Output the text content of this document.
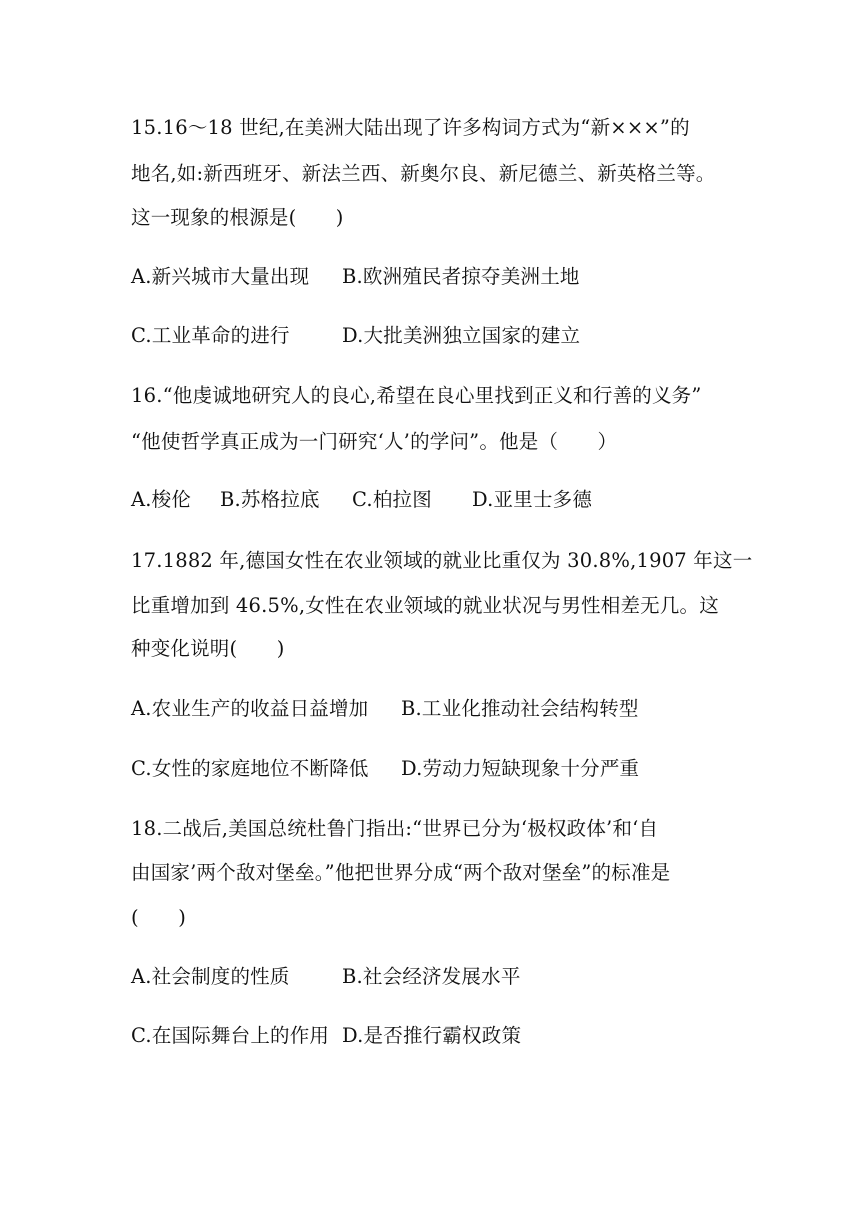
15.16～18 世纪,在美洲大陆出现了许多构词方式为“新×××”的
地名,如:新西班牙、新法兰西、新奥尔良、新尼德兰、新英格兰等。
这一现象的根源是(　　)
A.新兴城市大量出现 B.欧洲殖民者掠夺美洲土地
C.工业革命的进行	D.大批美洲独立国家的建立
16.“他虔诚地研究人的良心,希望在良心里找到正义和行善的义务”
“他使哲学真正成为一门研究‘人’的学问”。他是（　　）
A.梭伦 B.苏格拉底 C.柏拉图 D.亚里士多德
17.1882 年,德国女性在农业领域的就业比重仅为 30.8%,1907 年这一
比重增加到 46.5%,女性在农业领域的就业状况与男性相差无几。这
种变化说明(　　)
A.农业生产的收益日益增加 B.工业化推动社会结构转型
C.女性的家庭地位不断降低 D.劳动力短缺现象十分严重
18.二战后,美国总统杜鲁门指出:“世界已分为‘极权政体’和‘自
由国家’两个敌对堡垒。”他把世界分成“两个敌对堡垒”的标准是
(　　)
A.社会制度的性质	B.社会经济发展水平
C.在国际舞台上的作用 D.是否推行霸权政策
